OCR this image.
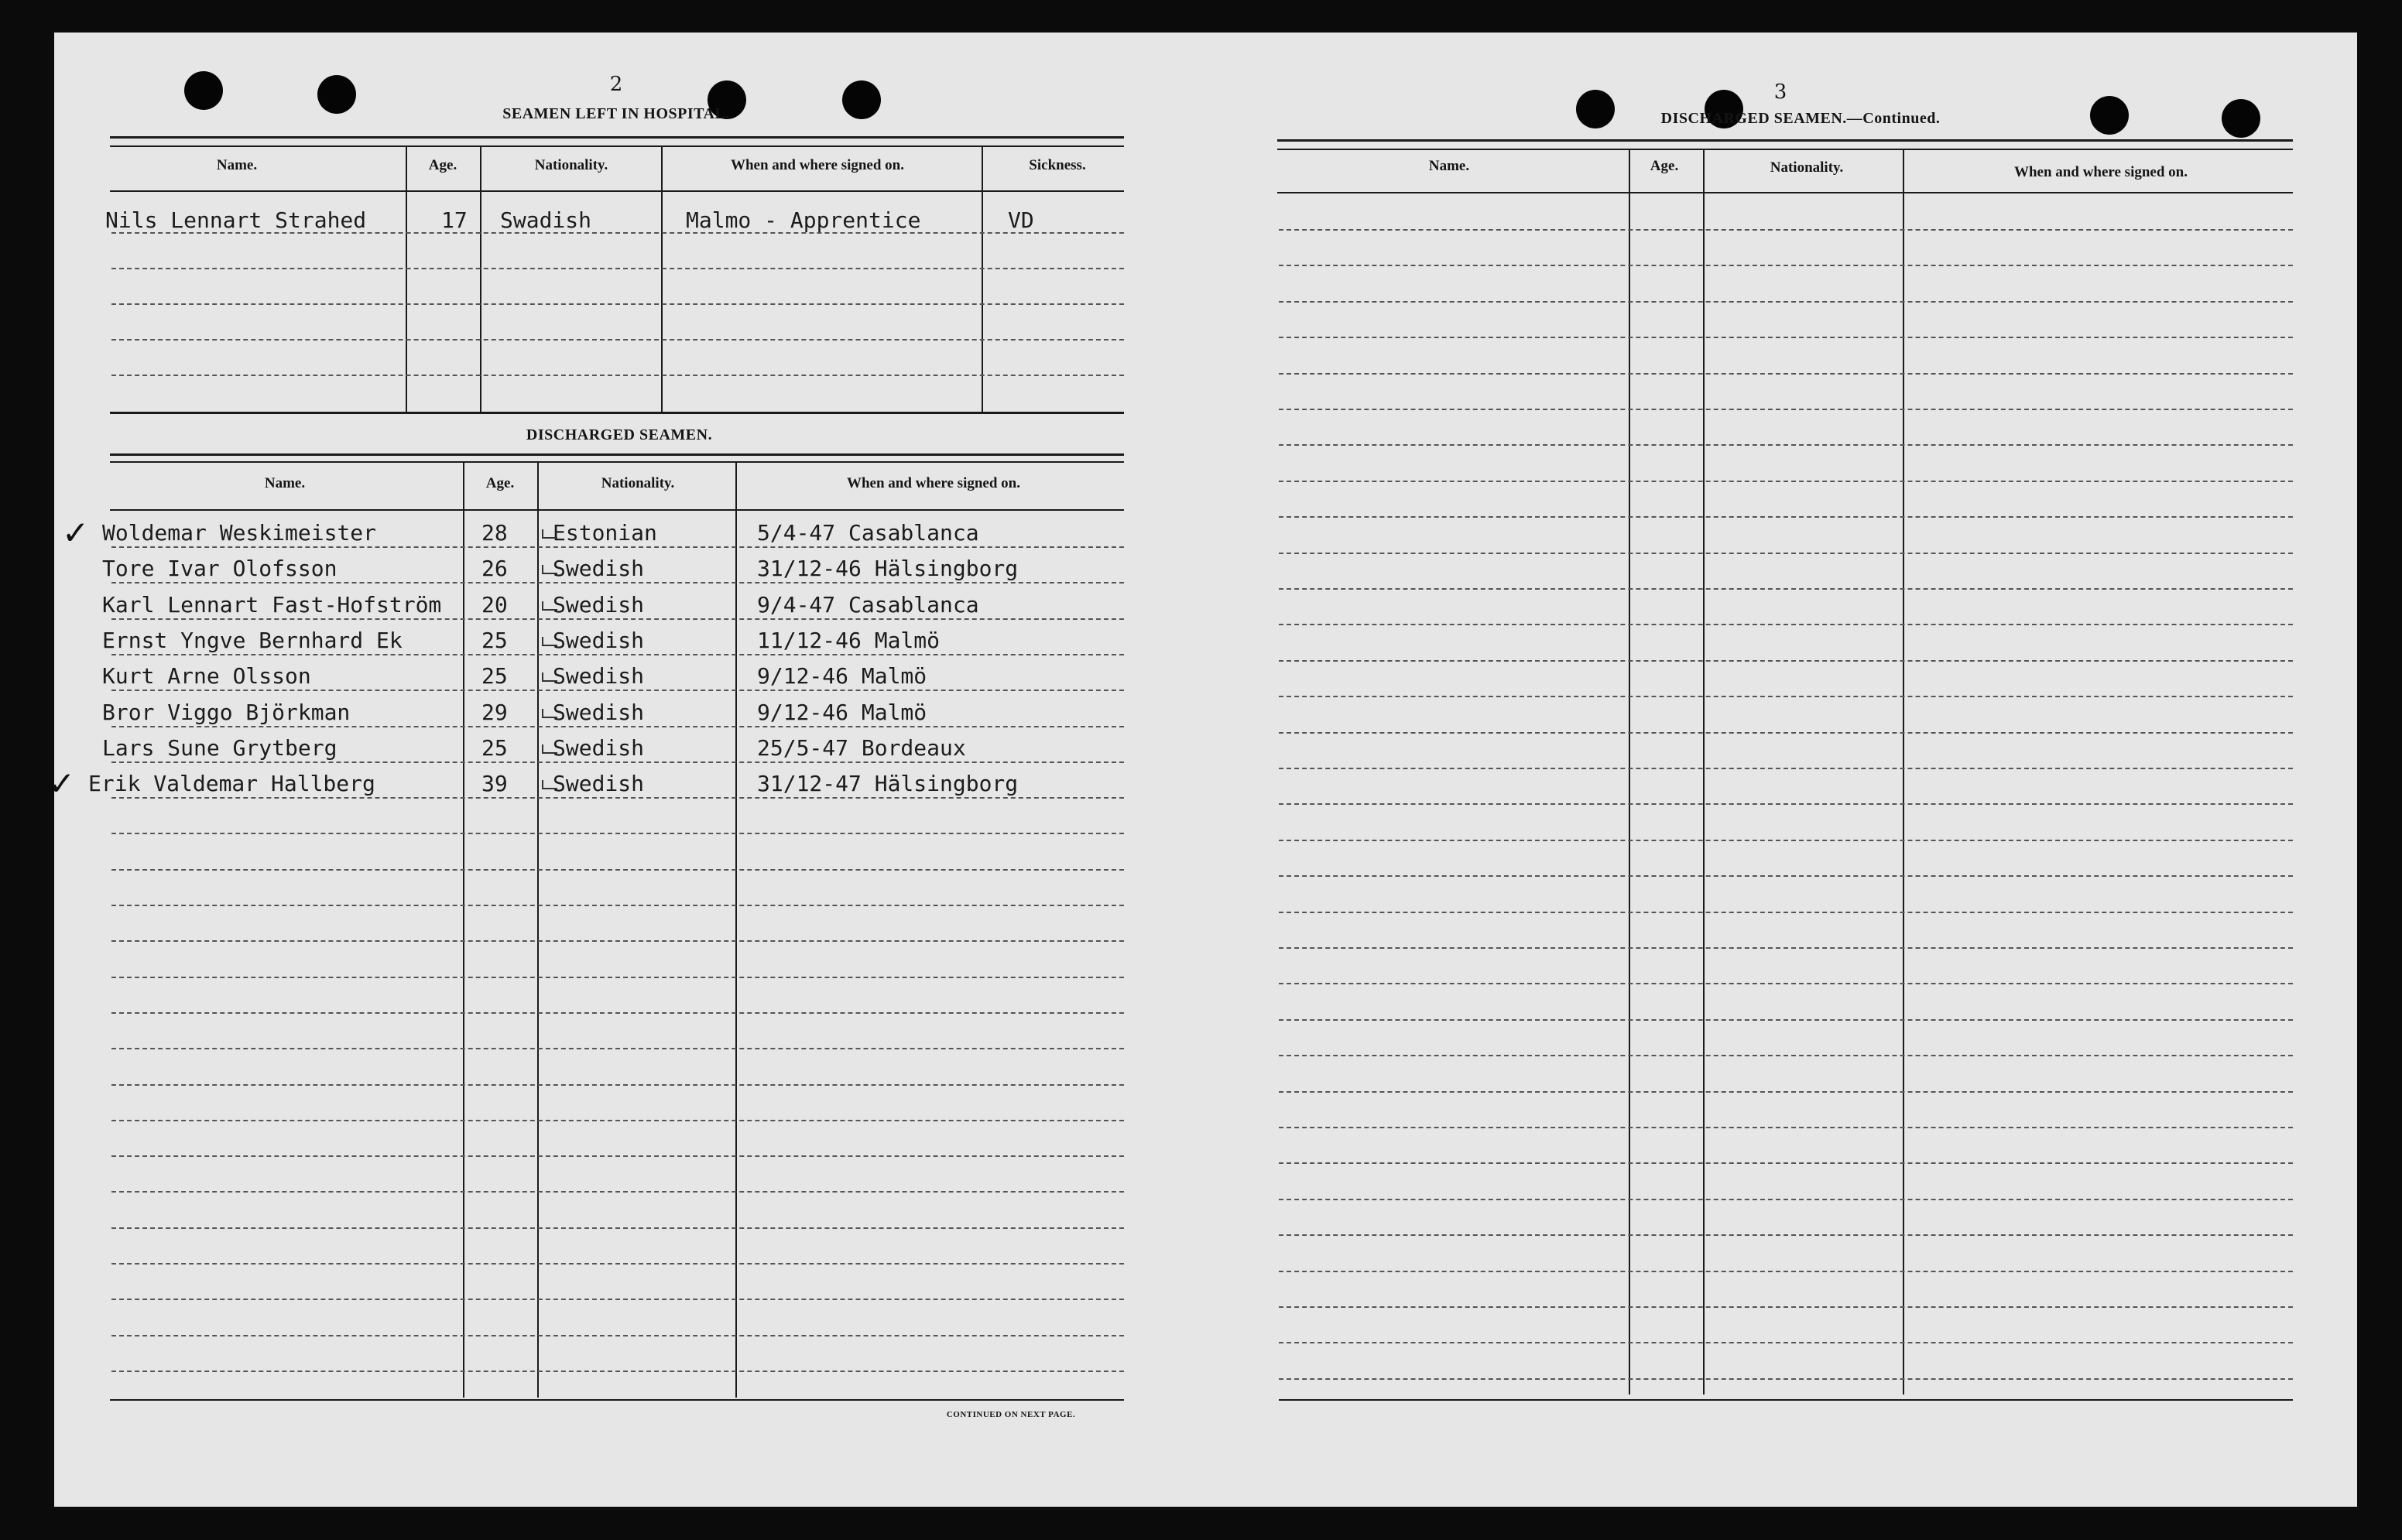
2
SEAMEN LEFT IN HOSPITAL.
Name.	Age.	Nationality.	When and where signed on.	Sickness.
Nils Lennart Strahed	17 Swadish	Malmo - Apprentice	VD
DISCHARGED SEAMEN.
Name.	Age.	Nationality.	When and where signed on.
✓ Woldemar Weskimeister	28 Estonian	5/4-47 Casablanca
Tore Ivar Olofsson	26 Swedish	31/12-46 Hälsingborg
Karl Lennart Fast-Hofström 20 Swedish	9/4-47 Casablanca
Ernst Yngve Bernhard Ek	25 Swedish	11/12-46 Malmö
Kurt Arne Olsson	25 Swedish	9/12-46 Malmö
Bror Viggo Björkman	29 Swedish	9/12-46 Malmö
Lars Sune Grytberg	25 Swedish	25/5-47 Bordeaux
✓ Erik Valdemar Hallberg	39 Swedish	31/12-47 Hälsingborg
CONTINUED ON NEXT PAGE.
3
DISCHARGED SEAMEN.—Continued.
Name.	Age.	Nationality.	When and where signed on.
